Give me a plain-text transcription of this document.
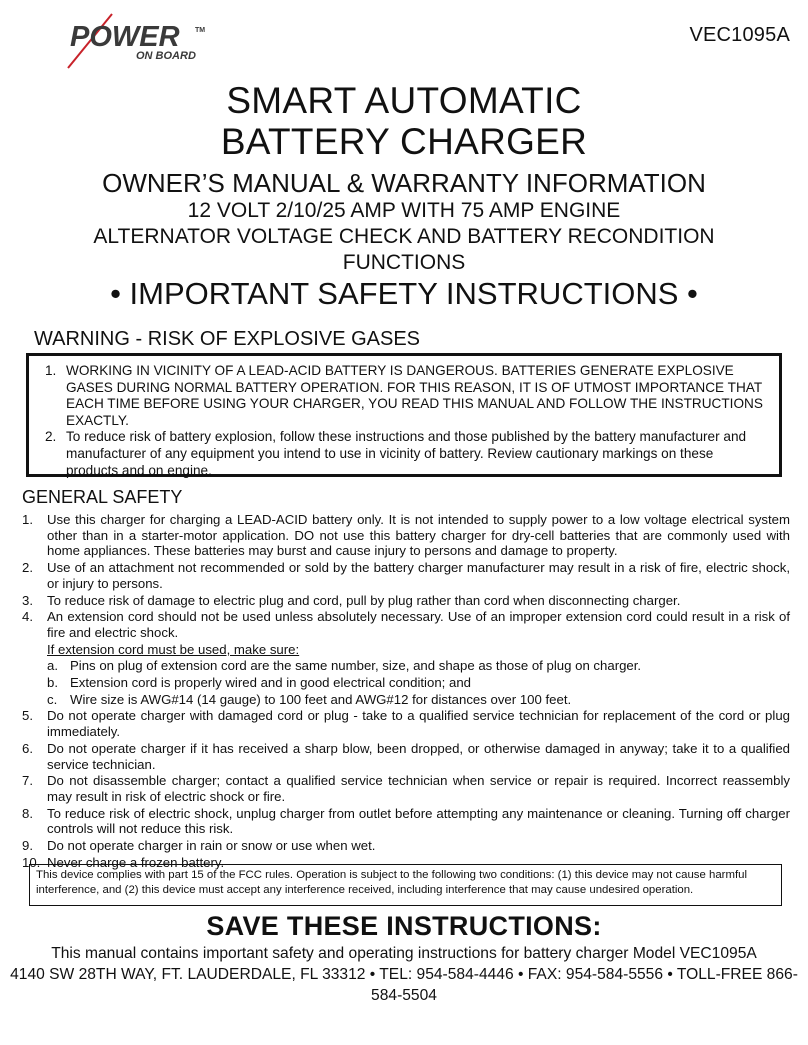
POWER TM
ON BOARD
VEC1095A
SMART AUTOMATIC
BATTERY CHARGER
OWNER’S MANUAL & WARRANTY INFORMATION
12 VOLT 2/10/25 AMP WITH 75 AMP ENGINE
ALTERNATOR VOLTAGE CHECK AND BATTERY RECONDITION
FUNCTIONS
• IMPORTANT SAFETY INSTRUCTIONS •
WARNING - RISK OF EXPLOSIVE GASES
1. WORKING IN VICINITY OF A LEAD-ACID BATTERY IS DANGEROUS. BATTERIES GENERATE EXPLOSIVE GASES DURING NORMAL BATTERY OPERATION. FOR THIS REASON, IT IS OF UTMOST IMPORTANCE THAT EACH TIME BEFORE USING YOUR CHARGER, YOU READ THIS MANUAL AND FOLLOW THE INSTRUCTIONS EXACTLY.
2. To reduce risk of battery explosion, follow these instructions and those published by the battery manufacturer and manufacturer of any equipment you intend to use in vicinity of battery. Review cautionary markings on these products and on engine.
GENERAL SAFETY
1. Use this charger for charging a LEAD-ACID battery only. It is not intended to supply power to a low voltage electrical system other than in a starter-motor application. DO not use this battery charger for dry-cell batteries that are commonly used with home appliances. These batteries may burst and cause injury to persons and damage to property.
2. Use of an attachment not recommended or sold by the battery charger manufacturer may result in a risk of fire, electric shock, or injury to persons.
3. To reduce risk of damage to electric plug and cord, pull by plug rather than cord when disconnecting charger.
4. An extension cord should not be used unless absolutely necessary. Use of an improper extension cord could result in a risk of fire and electric shock.
If extension cord must be used, make sure:
a. Pins on plug of extension cord are the same number, size, and shape as those of plug on charger.
b. Extension cord is properly wired and in good electrical condition; and
c. Wire size is AWG#14 (14 gauge) to 100 feet and AWG#12 for distances over 100 feet.
5. Do not operate charger with damaged cord or plug - take to a qualified service technician for replacement of the cord or plug immediately.
6. Do not operate charger if it has received a sharp blow, been dropped, or otherwise damaged in anyway; take it to a qualified service technician.
7. Do not disassemble charger; contact a qualified service technician when service or repair is required. Incorrect reassembly may result in risk of electric shock or fire.
8. To reduce risk of electric shock, unplug charger from outlet before attempting any maintenance or cleaning. Turning off charger controls will not reduce this risk.
9. Do not operate charger in rain or snow or use when wet.
10. Never charge a frozen battery.
This device complies with part 15 of the FCC rules. Operation is subject to the following two conditions: (1) this device may not cause harmful interference, and (2) this device must accept any interference received, including interference that may cause undesired operation.
SAVE THESE INSTRUCTIONS:
This manual contains important safety and operating instructions for battery charger Model VEC1095A
4140 SW 28TH WAY, FT. LAUDERDALE, FL 33312 • TEL: 954-584-4446 • FAX: 954-584-5556 • TOLL-FREE 866-584-5504
